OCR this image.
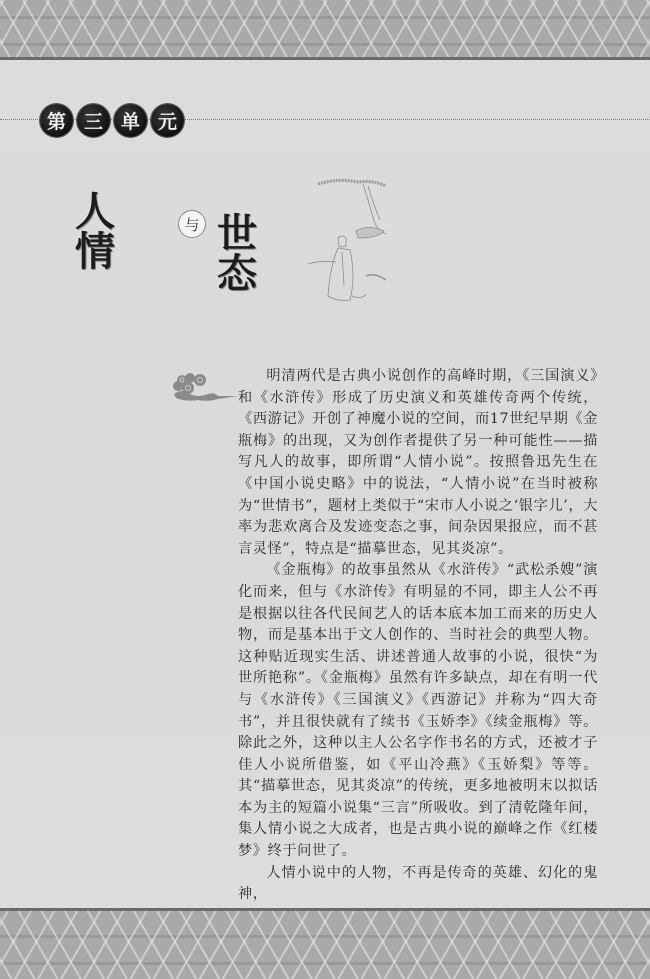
第 三 单 元
人情
与 世态

明清两代是古典小说创作的高峰时期，《三国演义》和《水浒传》形成了历史演义和英雄传奇两个传统，《西游记》开创了神魔小说的空间，而17世纪早期《金瓶梅》的出现，又为创作者提供了另一种可能性——描写凡人的故事，即所谓“人情小说”。按照鲁迅先生在《中国小说史略》中的说法，“人情小说”在当时被称为“世情书”，题材上类似于“宋市人小说之‘银字儿’，大率为悲欢离合及发迹变态之事，间杂因果报应，而不甚言灵怪”，特点是“描摹世态，见其炎凉”。

《金瓶梅》的故事虽然从《水浒传》“武松杀嫂”演化而来，但与《水浒传》有明显的不同，即主人公不再是根据以往各代民间艺人的话本底本加工而来的历史人物，而是基本出于文人创作的、当时社会的典型人物。这种贴近现实生活、讲述普通人故事的小说，很快“为世所艳称”。《金瓶梅》虽然有许多缺点，却在有明一代与《水浒传》《三国演义》《西游记》并称为“四大奇书”，并且很快就有了续书《玉娇李》《续金瓶梅》等。除此之外，这种以主人公名字作书名的方式，还被才子佳人小说所借鉴，如《平山冷燕》《玉娇梨》等等。其“描摹世态，见其炎凉”的传统，更多地被明末以拟话本为主的短篇小说集“三言”所吸收。到了清乾隆年间，集人情小说之大成者，也是古典小说的巅峰之作《红楼梦》终于问世了。

人情小说中的人物，不再是传奇的英雄、幻化的鬼神，
